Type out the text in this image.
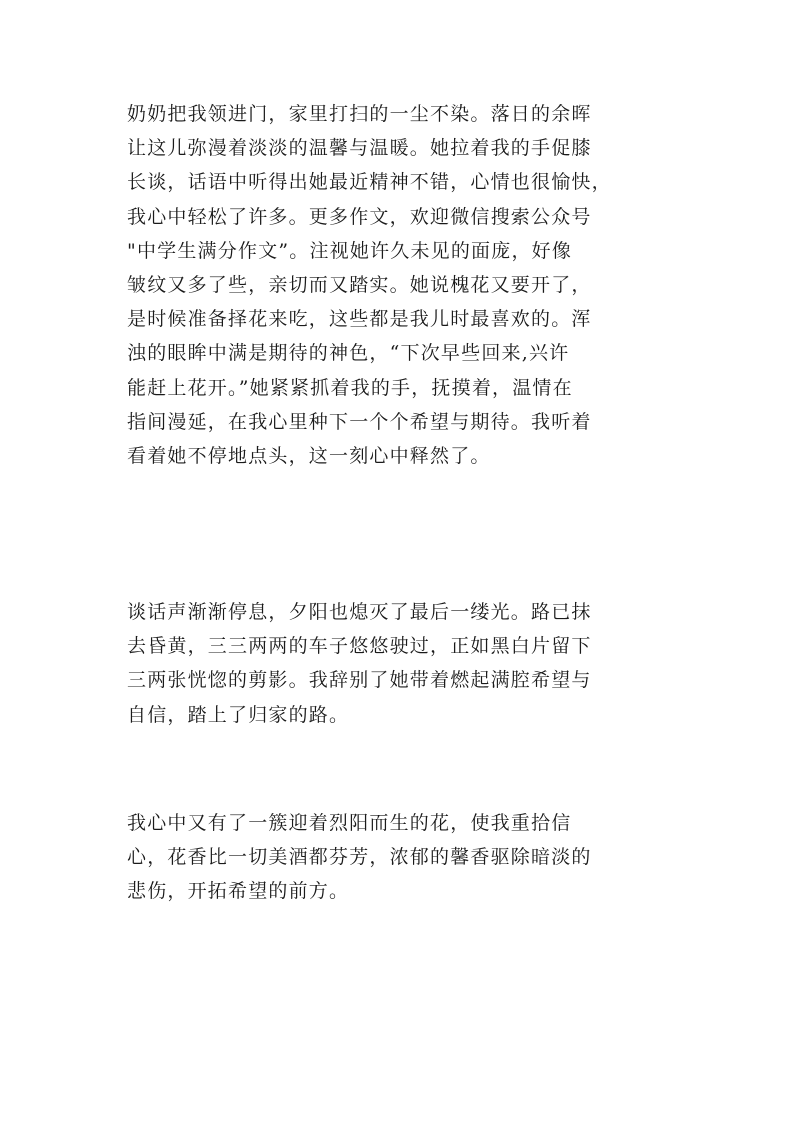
奶奶把我领进门，家里打扫的一尘不染。落日的余晖
让这儿弥漫着淡淡的温馨与温暖。她拉着我的手促膝
长谈，话语中听得出她最近精神不错，心情也很愉快，
我心中轻松了许多。更多作文，欢迎微信搜索公众号
"中学生满分作文”。注视她许久未见的面庞，好像
皱纹又多了些，亲切而又踏实。她说槐花又要开了，
是时候准备择花来吃，这些都是我儿时最喜欢的。浑
浊的眼眸中满是期待的神色，“下次早些回来,兴许
能赶上花开。”她紧紧抓着我的手，抚摸着，温情在
指间漫延，在我心里种下一个个希望与期待。我听着
看着她不停地点头，这一刻心中释然了。

谈话声渐渐停息，夕阳也熄灭了最后一缕光。路已抹
去昏黄，三三两两的车子悠悠驶过，正如黑白片留下
三两张恍惚的剪影。我辞别了她带着燃起满腔希望与
自信，踏上了归家的路。

我心中又有了一簇迎着烈阳而生的花，使我重拾信
心，花香比一切美酒都芬芳，浓郁的馨香驱除暗淡的
悲伤，开拓希望的前方。
